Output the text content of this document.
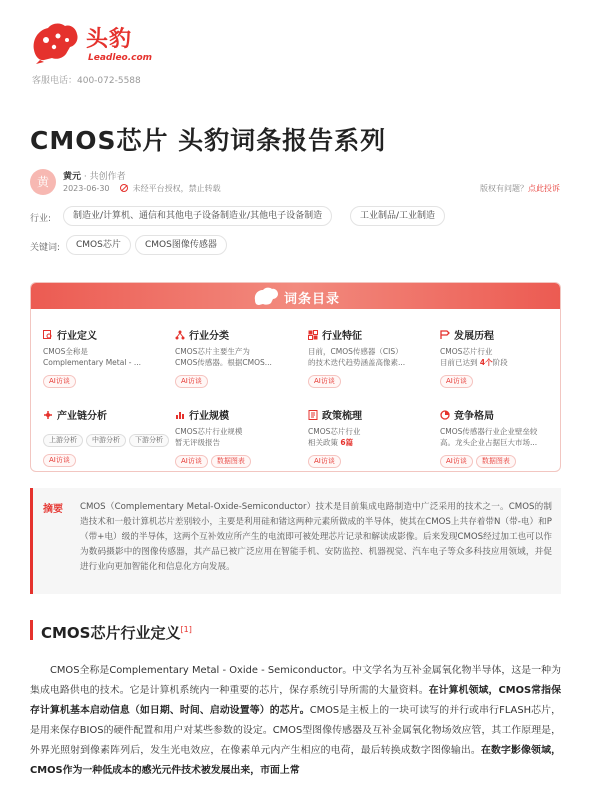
头豹
Leadleo.com
客服电话：400-072-5588
CMOS芯片 头豹词条报告系列
黄	黄元 · 共创作者
2023-06-30	未经平台授权，禁止转载	版权有问题？点此投诉
行业:	制造业/计算机、通信和其他电子设备制造业/其他电子设备制造	工业制品/工业制造
关键词:	CMOS芯片	CMOS图像传感器
词条目录
行业定义
CMOS全称是
Complementary Metal - ...
AI访谈
行业分类
CMOS芯片主要生产为
CMOS传感器。根据CMOS...
AI访谈
行业特征
目前，CMOS传感器（CIS）
的技术迭代趋势涵盖高像素...
AI访谈
发展历程
CMOS芯片行业
目前已达到 4个阶段
AI访谈
产业链分析
上游分析 中游分析 下游分析
AI访谈
行业规模
CMOS芯片行业规模
暂无评级报告
AI访谈 数据图表
政策梳理
CMOS芯片行业
相关政策 6篇
AI访谈
竞争格局
CMOS传感器行业企业壁垒较
高。龙头企业占据巨大市场...
AI访谈 数据图表
摘要 CMOS（Complementary Metal-Oxide-Semiconductor）技术是目前集成电路制造中广泛采用的技术之一。CMOS的制造技术和一般计算机芯片差别较小，主要是利用硅和锗这两种元素所做成的半导体，使其在CMOS上共存着带N（带-电）和P（带+电）级的半导体，这两个互补效应所产生的电流即可被处理芯片记录和解读成影像。后来发现CMOS经过加工也可以作为数码摄影中的图像传感器，其产品已被广泛应用在智能手机、安防监控、机器视觉、汽车电子等众多科技应用领域，并促进行业向更加智能化和信息化方向发展。
CMOS芯片行业定义[1]

CMOS全称是Complementary Metal - Oxide - Semiconductor。中文学名为互补金属氧化物半导体，这是一种为集成电路供电的技术。它是计算机系统内一种重要的芯片，保存系统引导所需的大量资料。在计算机领域，CMOS常指保存计算机基本启动信息（如日期、时间、启动设置等）的芯片。CMOS是主板上的一块可读写的并行或串行FLASH芯片，是用来保存BIOS的硬件配置和用户对某些参数的设定。CMOS型图像传感器及互补金属氧化物场效应管，其工作原理是，外界光照射到像素阵列后，发生光电效应，在像素单元内产生相应的电荷，最后转换成数字图像输出。在数字影像领域，CMOS作为一种低成本的感光元件技术被发展出来，市面上常
